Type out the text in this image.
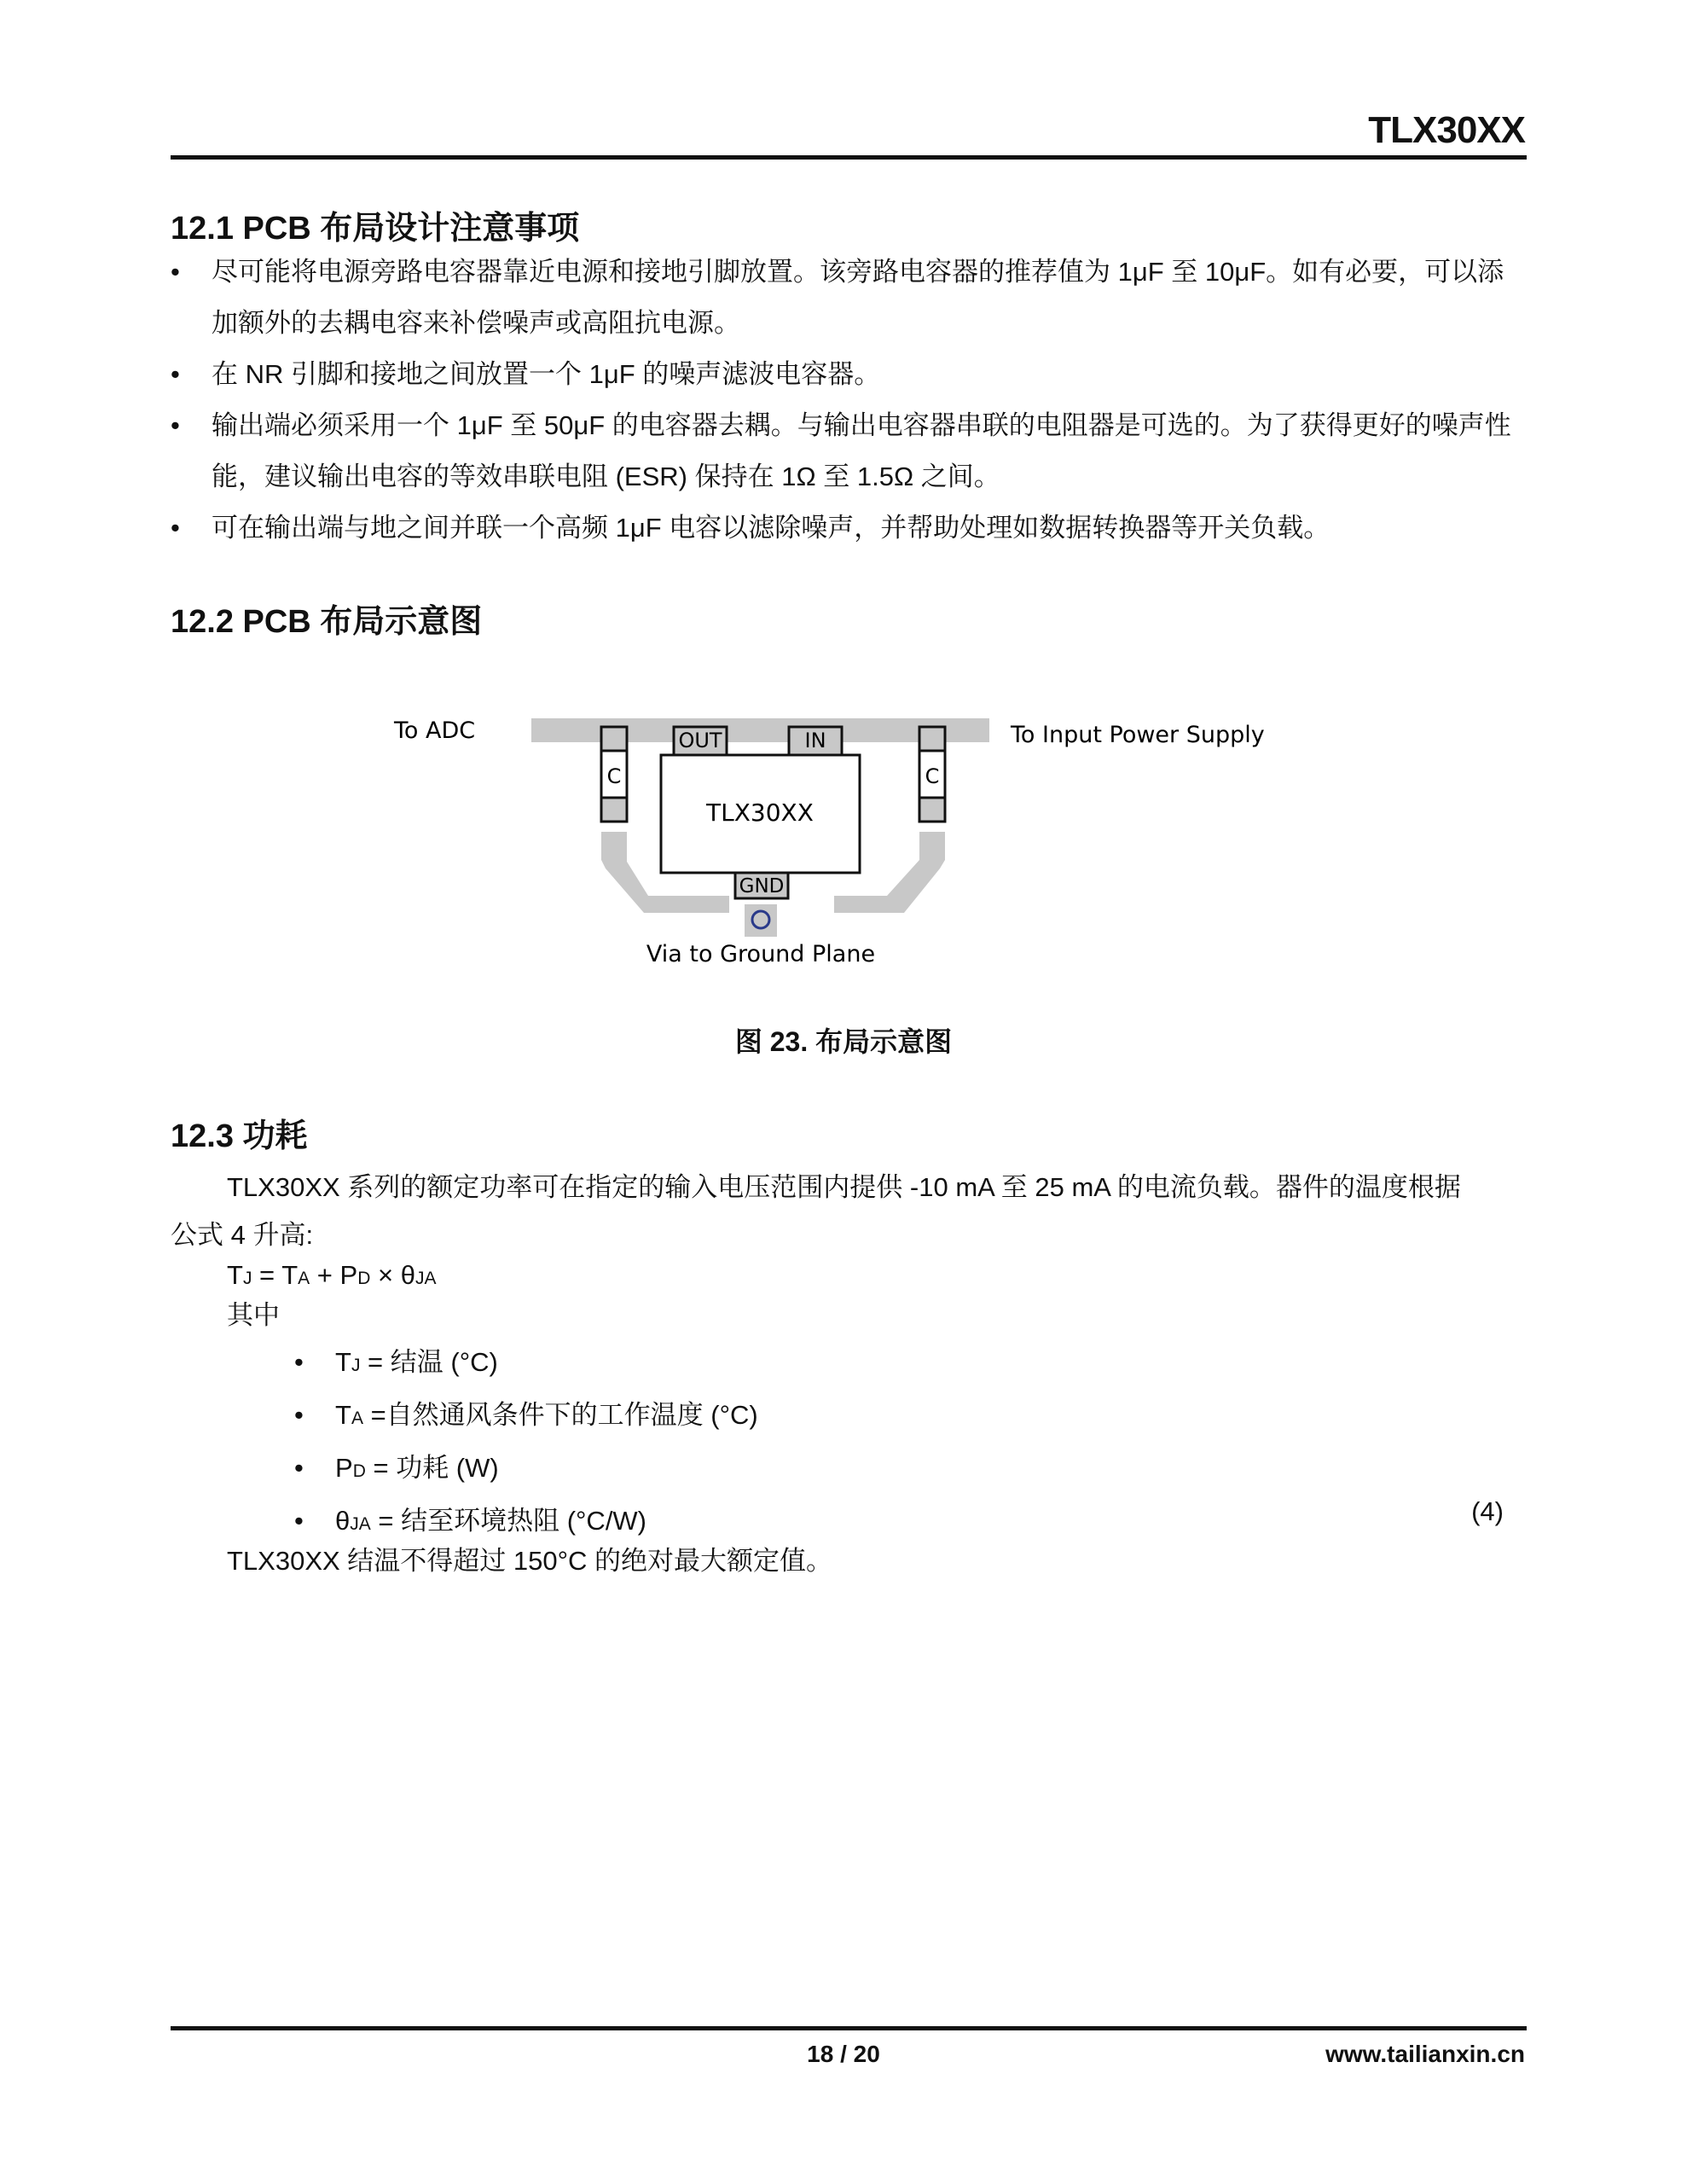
TLX30XX
12.1 PCB 布局设计注意事项
• 尽可能将电源旁路电容器靠近电源和接地引脚放置。该旁路电容器的推荐值为 1μF 至 10μF。如有必要，可以添加额外的去耦电容来补偿噪声或高阻抗电源。
• 在 NR 引脚和接地之间放置一个 1μF 的噪声滤波电容器。
• 输出端必须采用一个 1μF 至 50μF 的电容器去耦。与输出电容器串联的电阻器是可选的。为了获得更好的噪声性能，建议输出电容的等效串联电阻 (ESR) 保持在 1Ω 至 1.5Ω 之间。
• 可在输出端与地之间并联一个高频 1μF 电容以滤除噪声，并帮助处理如数据转换器等开关负载。
12.2 PCB 布局示意图
C	C
TLX30XX
OUT	IN
GND
To ADC	To Input Power Supply
Via to Ground Plane
图 23. 布局示意图
12.3 功耗
TLX30XX 系列的额定功率可在指定的输入电压范围内提供 -10 mA 至 25 mA 的电流负载。器件的温度根据
公式 4 升高:
TJ = TA + PD × θJA
其中
• TJ = 结温 (°C)
• TA =自然通风条件下的工作温度 (°C)
• PD = 功耗 (W)
• θJA = 结至环境热阻 (°C/W)	(4)
TLX30XX 结温不得超过 150°C 的绝对最大额定值。
18 / 20	www.tailianxin.cn
